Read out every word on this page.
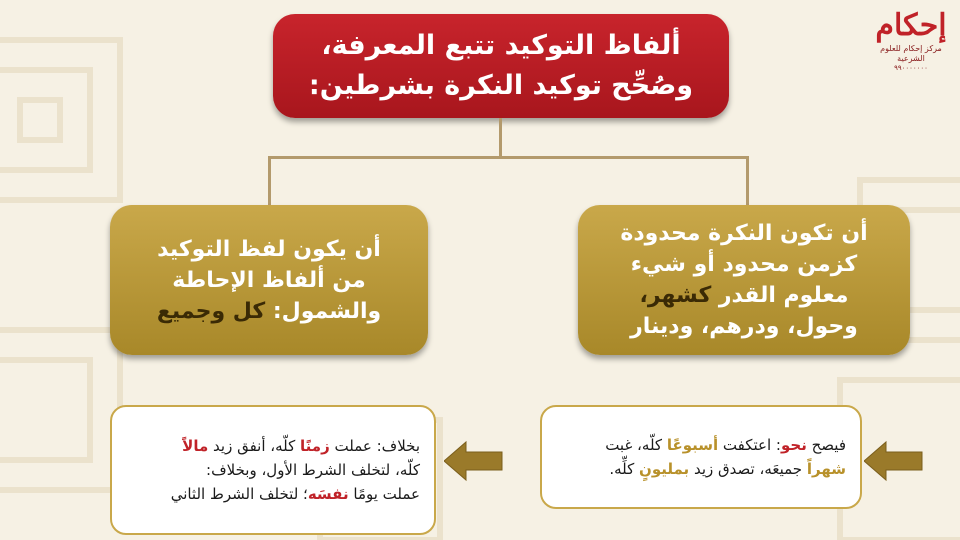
إحكام
مركز إحكام للعلوم الشرعية
٩٩٠٠٠٠٠٠٠
ألفاظ التوكيد تتبع المعرفة،
وصُحِّح توكيد النكرة بشرطين:
أن تكون النكرة محدودة
كزمن محدود أو شيء
معلوم القدر كشهر،
وحول، ودرهم، ودينار
أن يكون لفظ التوكيد
من ألفاظ الإحاطة
والشمول: كل وجميع
فيصح نحو: اعتكفت أسبوعًا كلّه، غبت
شهراً جميعَه، تصدق زيد بمليونٍ كلِّه.
بخلاف: عملت زمنًا كلّه، أنفق زيد مالاً
كلّه، لتخلف الشرط الأول، وبخلاف:
عملت يومًا نفسَه؛ لتخلف الشرط الثاني
